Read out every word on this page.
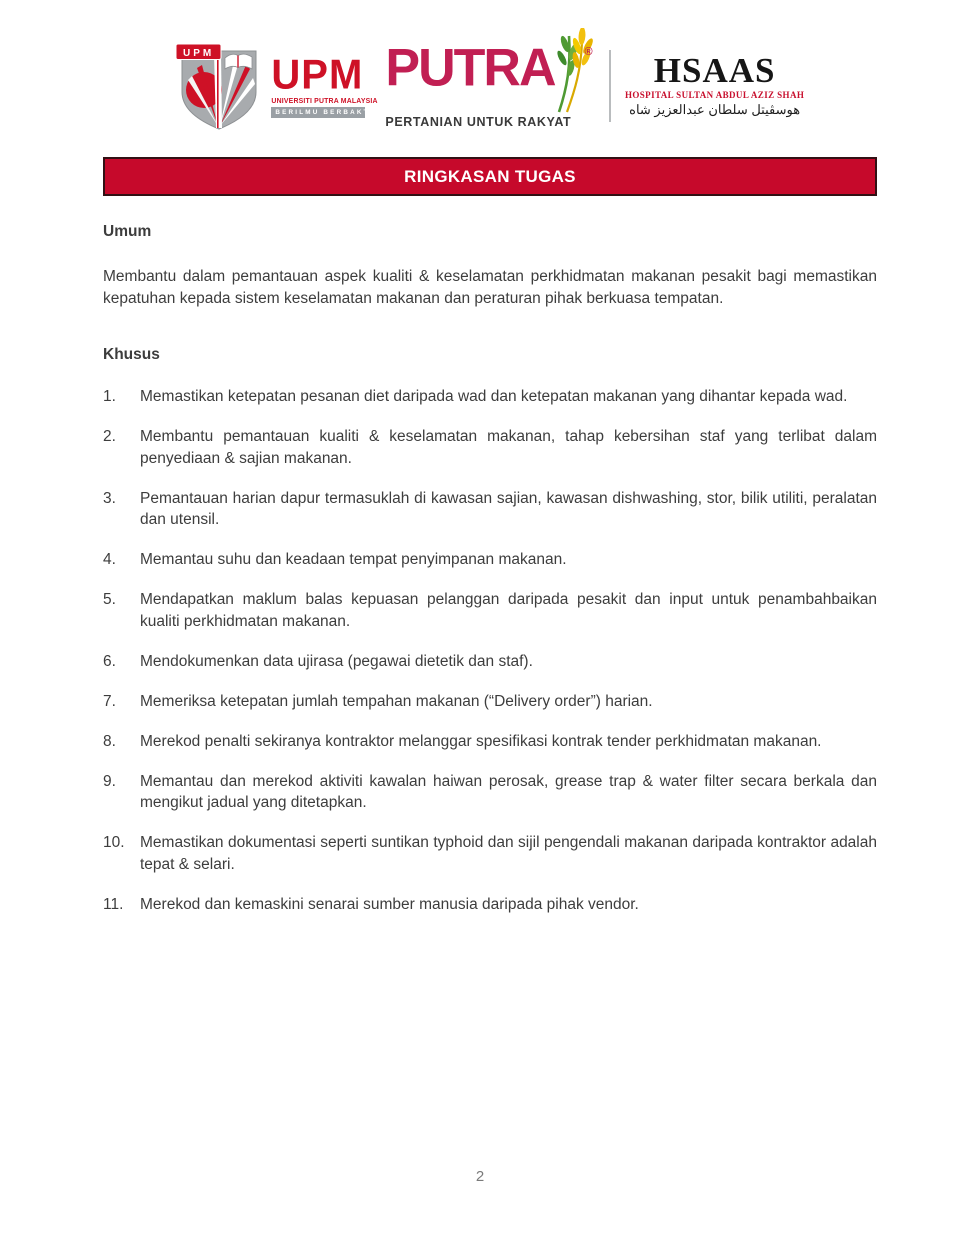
UPM UPM
UNIVERSITI PUTRA MALAYSIA
BERILMU BERBAKTI
PUTRA	®
PERTANIAN UNTUK RAKYAT
HSAAS
HOSPITAL SULTAN ABDUL AZIZ SHAH
هوسڤيتل سلطان عبدالعزيز شاه
RINGKASAN TUGAS
Umum

Membantu dalam pemantauan aspek kualiti & keselamatan perkhidmatan makanan pesakit bagi memastikan kepatuhan kepada sistem keselamatan makanan dan peraturan pihak berkuasa tempatan.

Khusus
1.	Memastikan ketepatan pesanan diet daripada wad dan ketepatan makanan yang dihantar kepada wad.
2.	Membantu pemantauan kualiti & keselamatan makanan, tahap kebersihan staf yang terlibat dalam penyediaan & sajian makanan.
3.	Pemantauan harian dapur termasuklah di kawasan sajian, kawasan dishwashing, stor, bilik utiliti, peralatan dan utensil.
4.	Memantau suhu dan keadaan tempat penyimpanan makanan.
5.	Mendapatkan maklum balas kepuasan pelanggan daripada pesakit dan input untuk penambahbaikan kualiti perkhidmatan makanan.
6.	Mendokumenkan data ujirasa (pegawai dietetik dan staf).
7.	Memeriksa ketepatan jumlah tempahan makanan (“Delivery order”) harian.
8.	Merekod penalti sekiranya kontraktor melanggar spesifikasi kontrak tender perkhidmatan makanan.
9.	Memantau dan merekod aktiviti kawalan haiwan perosak, grease trap & water filter secara berkala dan mengikut jadual yang ditetapkan.
10. Memastikan dokumentasi seperti suntikan typhoid dan sijil pengendali makanan daripada kontraktor adalah tepat & selari.
11.	Merekod dan kemaskini senarai sumber manusia daripada pihak vendor.
2
